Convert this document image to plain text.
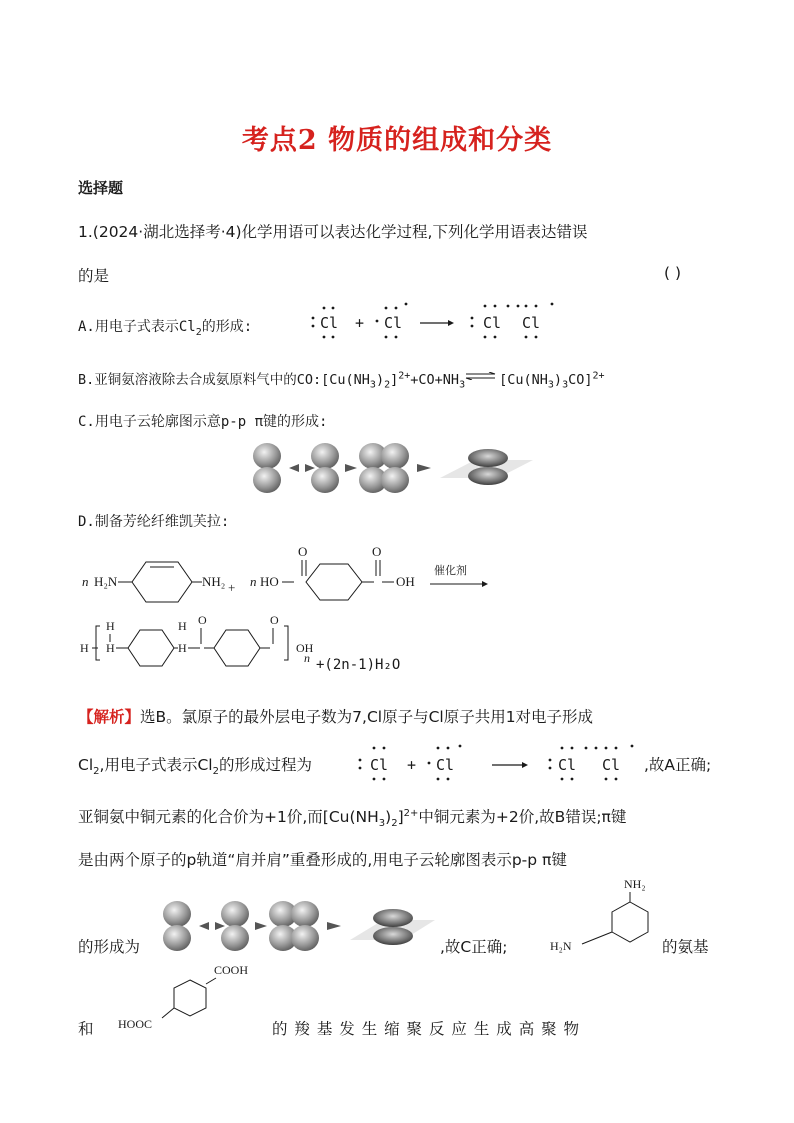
考点2 物质的组成和分类
选择题
1.(2024·湖北选择考·4)化学用语可以表达化学过程,下列化学用语表达错误
的是	( )
A.用电子式表示$Cl_2$的形成:	Cl + Cl	Cl Cl
B.亚铜氨溶液除去合成氨原料气中的$CO:[Cu(NH_3)_2]^{2+}+CO+NH_3$ $\rightleftharpoons[Cu(NH_3)_3CO]^{2+}$
C.用电子云轮廓图示意p-p π键的形成:
D.制备芳纶纤维凯芙拉:
n H₂N	NH₂ + n HO
O	O
OH
催化剂
H H
H
H
H O	O
n
OH
+(2n-1)H₂O
【解析】选B。氯原子的最外层电子数为7,Cl原子与Cl原子共用1对电子形成
$Cl_2$,用电子式表示$Cl_2$的形成过程为	Cl + Cl	Cl Cl ,故A正确;
亚铜氨中铜元素的化合价为+1价,而$[Cu(NH_3)_2]^{2+}$中铜元素为+2价,故B错误;π键
是由两个原子的p轨道“肩并肩”重叠形成的,用电子云轮廓图表示p-p π键
的形成为	,故C正确;
NH₂
H₂N	的氨基
和
COOH
HOOC	的 羧 基 发 生 缩 聚 反 应 生 成 高 聚 物
